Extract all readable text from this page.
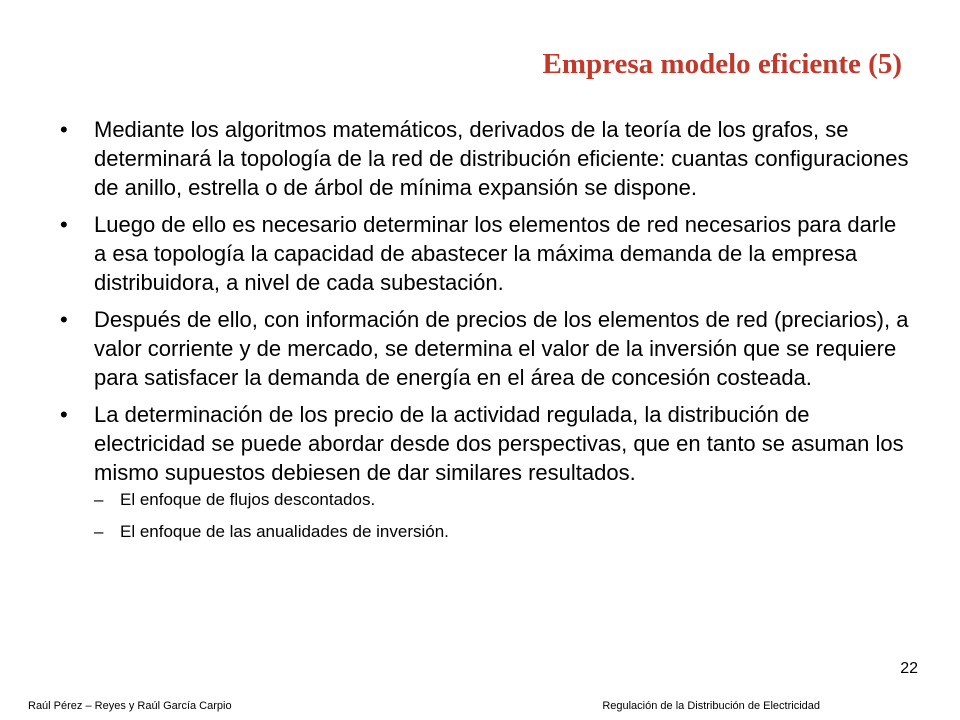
Empresa modelo eficiente (5)
• Mediante los algoritmos matemáticos, derivados de la teoría de los grafos, se determinará la topología de la red de distribución eficiente: cuantas configuraciones de anillo, estrella o de árbol de mínima expansión se dispone.
• Luego de ello es necesario determinar los elementos de red necesarios para darle a esa topología la capacidad de abastecer la máxima demanda de la empresa distribuidora, a nivel de cada subestación.
• Después de ello, con información de precios de los elementos de red (preciarios), a valor corriente y de mercado, se determina el valor de la inversión que se requiere para satisfacer la demanda de energía en el área de concesión costeada.
• La determinación de los precio de la actividad regulada, la distribución de electricidad se puede abordar desde dos perspectivas, que en tanto se asuman los mismo supuestos debiesen de dar similares resultados.
– El enfoque de flujos descontados.
– El enfoque de las anualidades de inversión.
22
Raúl Pérez – Reyes y Raúl García Carpio	Regulación de la Distribución de Electricidad
